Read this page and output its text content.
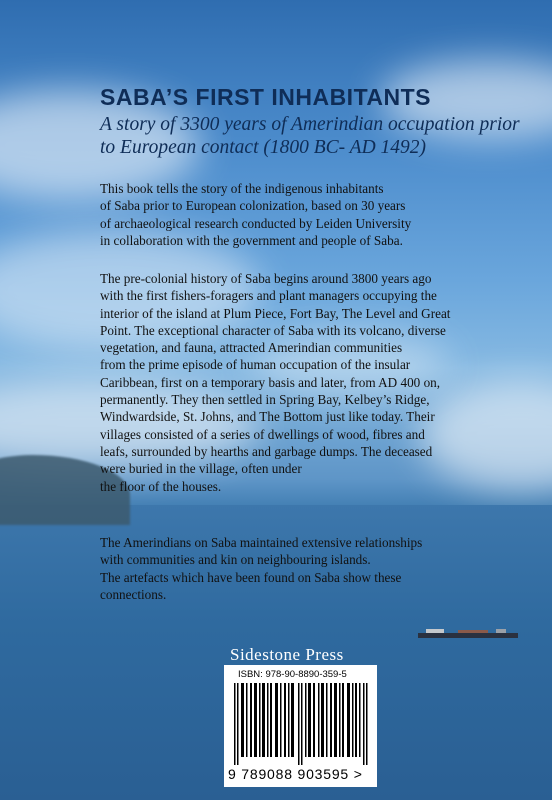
SABA’S FIRST INHABITANTS

A story of 3300 years of Amerindian occupation prior to European contact (1800 BC- AD 1492)

This book tells the story of the indigenous inhabitants
of Saba prior to European colonization, based on 30 years
of archaeological research conducted by Leiden University
in collaboration with the government and people of Saba.

The pre-colonial history of Saba begins around 3800 years ago
with the first fishers-foragers and plant managers occupying the
interior of the island at Plum Piece, Fort Bay, The Level and Great
Point. The exceptional character of Saba with its volcano, diverse
vegetation, and fauna, attracted Amerindian communities
from the prime episode of human occupation of the insular
Caribbean, first on a temporary basis and later, from AD 400 on,
permanently. They then settled in Spring Bay, Kelbey’s Ridge,
Windwardside, St. Johns, and The Bottom just like today. Their
villages consisted of a series of dwellings of wood, fibres and
leafs, surrounded by hearths and garbage dumps. The deceased
were buried in the village, often under
the floor of the houses.

The Amerindians on Saba maintained extensive relationships
with communities and kin on neighbouring islands.
The artefacts which have been found on Saba show these
connections.

Sidestone Press
ISBN: 978-90-8890-359-5
9 789088 903595 >
